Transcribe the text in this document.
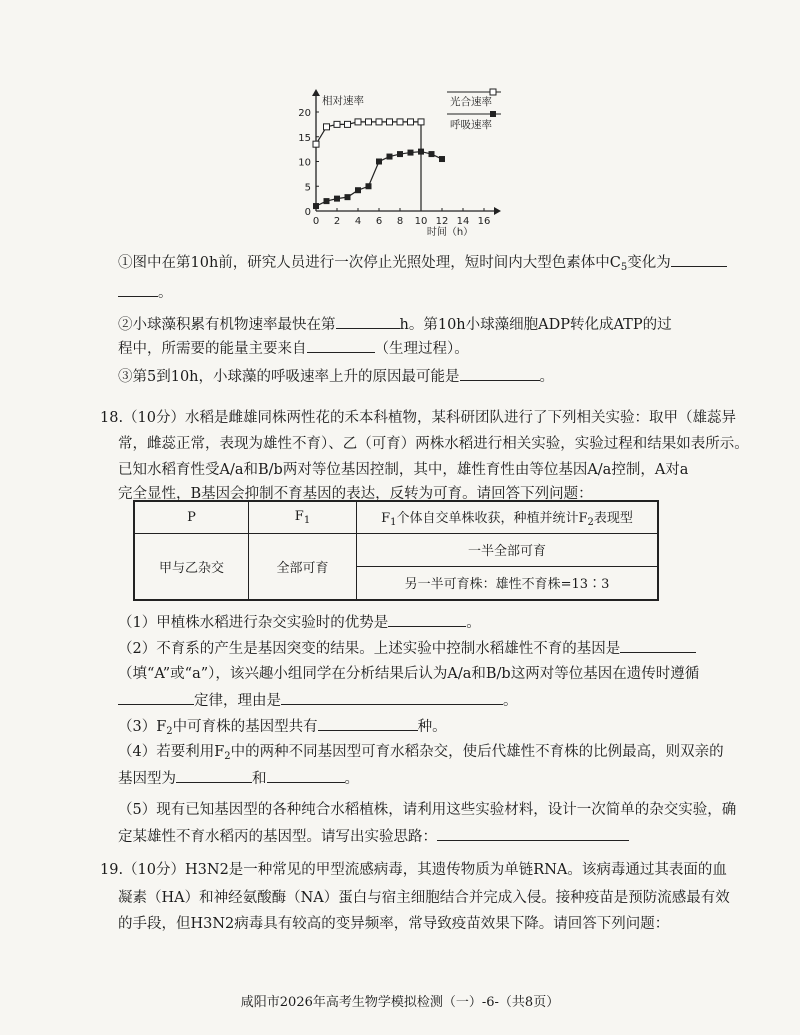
0 2 4 6 8 10 12 14 16
0
5
10
15
20
相对速率
时间（h）
光合速率
呼吸速率
①图中在第10h前，研究人员进行一次停止光照处理，短时间内大型色素体中$C_5$变化为
。
②小球藻积累有机物速率最快在第	h。第10h小球藻细胞ADP转化成ATP的过
程中，所需要的能量主要来自	（生理过程）。
③第5到10h，小球藻的呼吸速率上升的原因最可能是	。
18.（10分）水稻是雌雄同株两性花的禾本科植物，某科研团队进行了下列相关实验：取甲（雄蕊异
常，雌蕊正常，表现为雄性不育）、乙（可育）两株水稻进行相关实验，实验过程和结果如表所示。
已知水稻育性受A/a和B/b两对等位基因控制，其中，雄性育性由等位基因A/a控制，A对a
完全显性，B基因会抑制不育基因的表达，反转为可育。请回答下列问题：
P	$F_1$	$F_1$个体自交单株收获，种植并统计$F_2$表现型
甲与乙杂交	全部可育	一半全部可育
		另一半可育株：雄性不育株=13∶3
（1）甲植株水稻进行杂交实验时的优势是	。
（2）不育系的产生是基因突变的结果。上述实验中控制水稻雄性不育的基因是
（填“A”或“a”），该兴趣小组同学在分析结果后认为A/a和B/b这两对等位基因在遗传时遵循
定律，理由是	。
$(3)F_2$中可育株的基因型共有	种。
（4）若要利用$F_2$中的两种不同基因型可育水稻杂交，使后代雄性不育株的比例最高，则双亲的
基因型为	和	。
（5）现有已知基因型的各种纯合水稻植株，请利用这些实验材料，设计一次简单的杂交实验，确
定某雄性不育水稻丙的基因型。请写出实验思路：
19.（10分）H3N2是一种常见的甲型流感病毒，其遗传物质为单链RNA。该病毒通过其表面的血
凝素（HA）和神经氨酸酶（NA）蛋白与宿主细胞结合并完成入侵。接种疫苗是预防流感最有效
的手段，但H3N2病毒具有较高的变异频率，常导致疫苗效果下降。请回答下列问题：
咸阳市2026年高考生物学模拟检测（一）-6-（共8页）
